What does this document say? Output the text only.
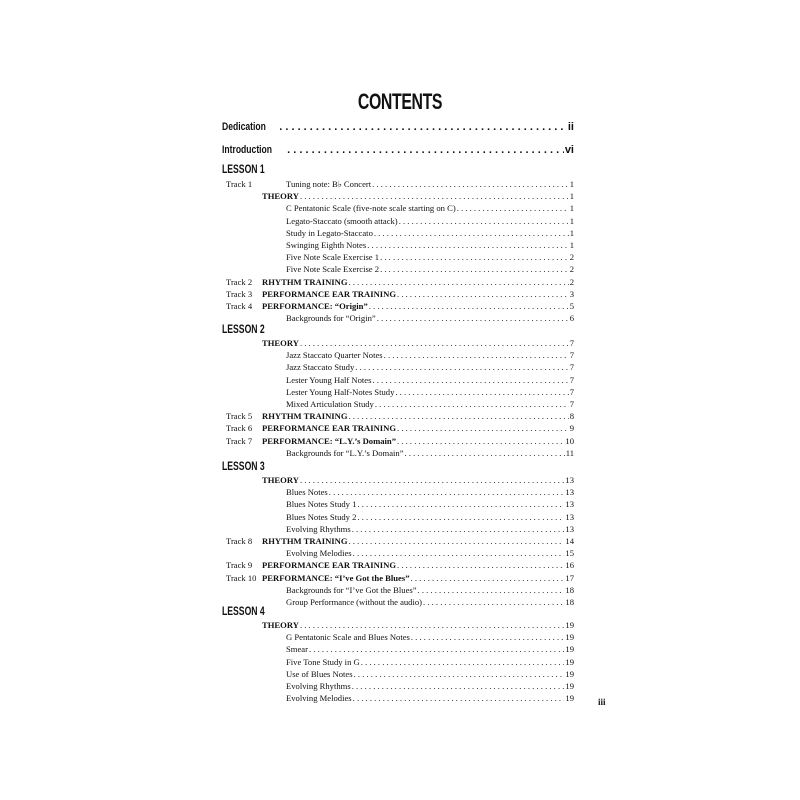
CONTENTS
Dedication . . .	ii
Introduction . . .	vi
LESSON 1
Track 1	Tuning note: B♭ Concert . . .	1
THEORY . . .	1
C Pentatonic Scale (five-note scale starting on C) . . .	1
Legato-Staccato (smooth attack) . . .	1
Study in Legato-Staccato . . .	1
Swinging Eighth Notes . . .	1
Five Note Scale Exercise 1 . . .	2
Five Note Scale Exercise 2 . . .	2
Track 2 RHYTHM TRAINING . . .	2
Track 3 PERFORMANCE EAR TRAINING . . .	3
Track 4 PERFORMANCE: “Origin” . . .	5
Backgrounds for “Origin” . . .	6
LESSON 2
THEORY . . .	7
Jazz Staccato Quarter Notes . . .	7
Jazz Staccato Study . . .	7
Lester Young Half Notes . . .	7
Lester Young Half-Notes Study . . .	7
Mixed Articulation Study . . .	7
Track 5 RHYTHM TRAINING . . .	8
Track 6 PERFORMANCE EAR TRAINING . . .	9
Track 7 PERFORMANCE: “L.Y.’s Domain” . . .	10
Backgrounds for “L.Y.’s Domain” . . .	11
LESSON 3
THEORY . . .	13
Blues Notes . . .	13
Blues Notes Study 1 . . .	13
Blues Notes Study 2 . . .	13
Evolving Rhythms . . .	13
Track 8 RHYTHM TRAINING . . .	14
Evolving Melodies . . .	15
Track 9 PERFORMANCE EAR TRAINING . . .	16
Track 10 PERFORMANCE: “I’ve Got the Blues” . . .	17
Backgrounds for “I’ve Got the Blues” . . .	18
Group Performance (without the audio) . . .	18
LESSON 4
THEORY . . .	19
G Pentatonic Scale and Blues Notes . . .	19
Smear . . .	19
Five Tone Study in G . . .	19
Use of Blues Notes . . .	19
Evolving Rhythms . . .	19
Evolving Melodies . . .	19	iii
